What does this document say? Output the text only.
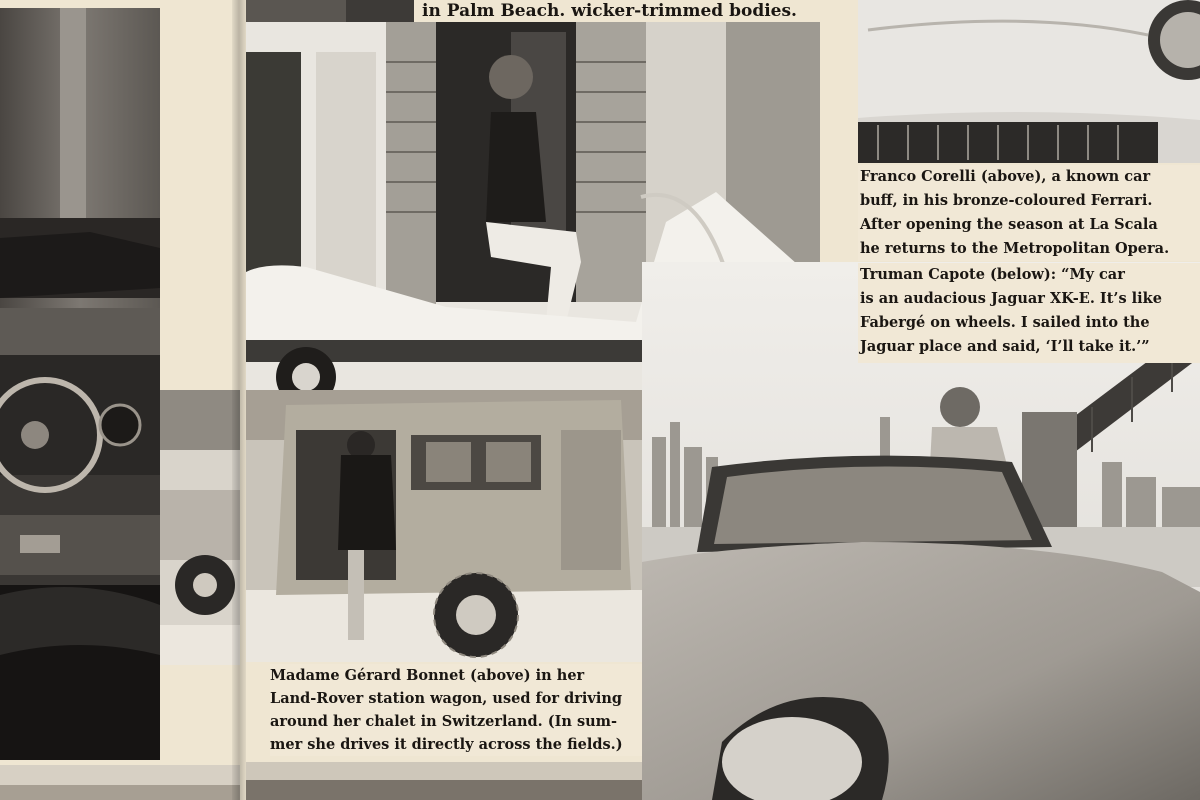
in Palm Beach. wicker-trimmed bodies.

Madame Gérard Bonnet (above) in her

Land-Rover station wagon, used for driving

around her chalet in Switzerland. (In sum-

mer she drives it directly across the fields.)

Franco Corelli (above), a known car

buff, in his bronze-coloured Ferrari.

After opening the season at La Scala

he returns to the Metropolitan Opera.

Truman Capote (below): “My car

is an audacious Jaguar XK-E. It’s like

Fabergé on wheels. I sailed into the

Jaguar place and said, ‘I’ll take it.’”
